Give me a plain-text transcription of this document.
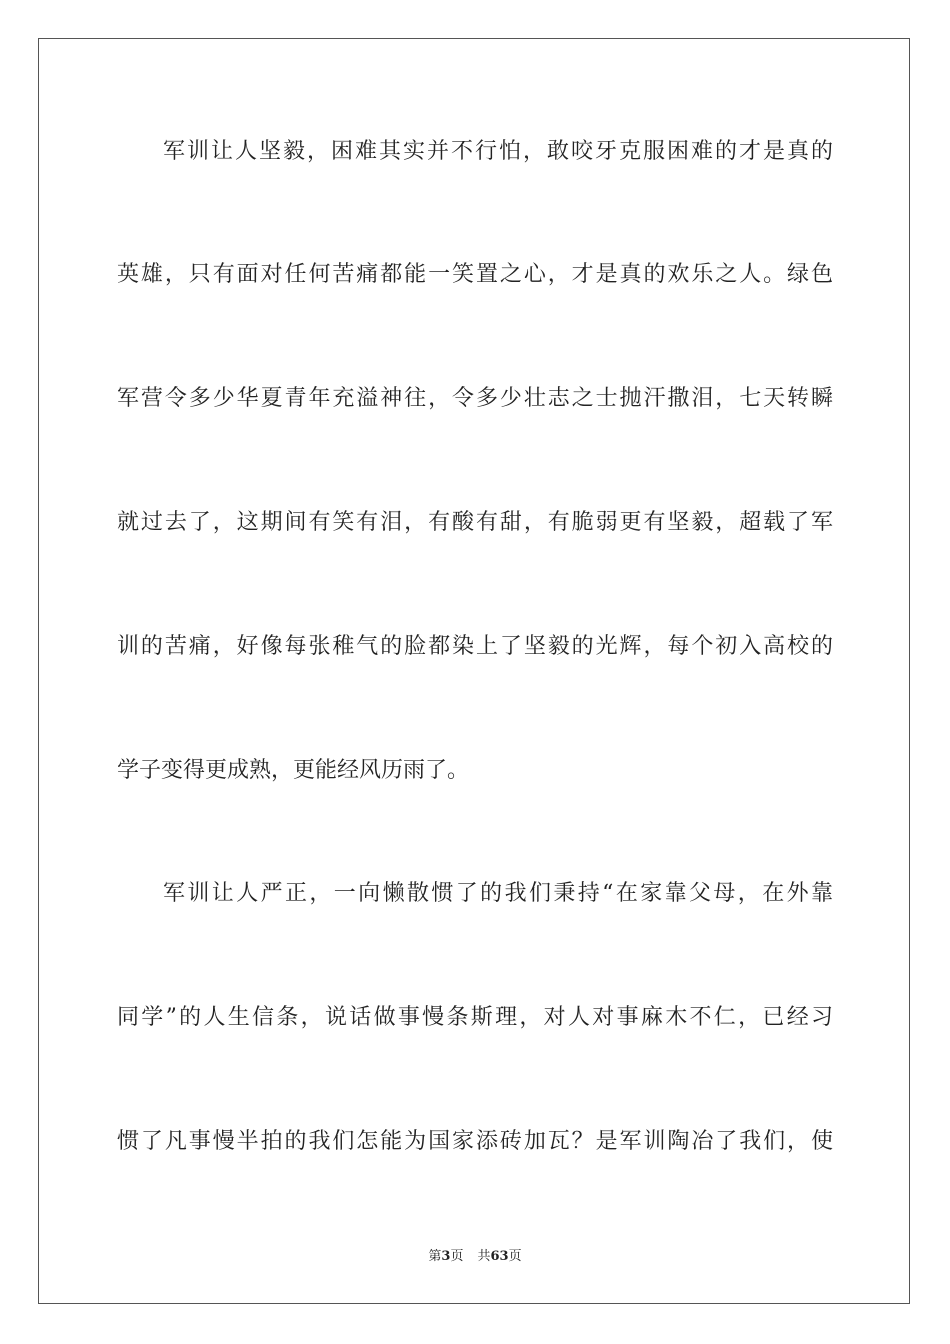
军训让人坚毅，困难其实并不行怕，敢咬牙克服困难的才是真的
英雄，只有面对任何苦痛都能一笑置之心，才是真的欢乐之人。绿色
军营令多少华夏青年充溢神往，令多少壮志之士抛汗撒泪，七天转瞬
就过去了，这期间有笑有泪，有酸有甜，有脆弱更有坚毅，超载了军
训的苦痛，好像每张稚气的脸都染上了坚毅的光辉，每个初入高校的
学子变得更成熟，更能经风历雨了。
军训让人严正，一向懒散惯了的我们秉持“在家靠父母，在外靠
同学”的人生信条，说话做事慢条斯理，对人对事麻木不仁，已经习
惯了凡事慢半拍的我们怎能为国家添砖加瓦？是军训陶冶了我们，使
第3页 共63页
